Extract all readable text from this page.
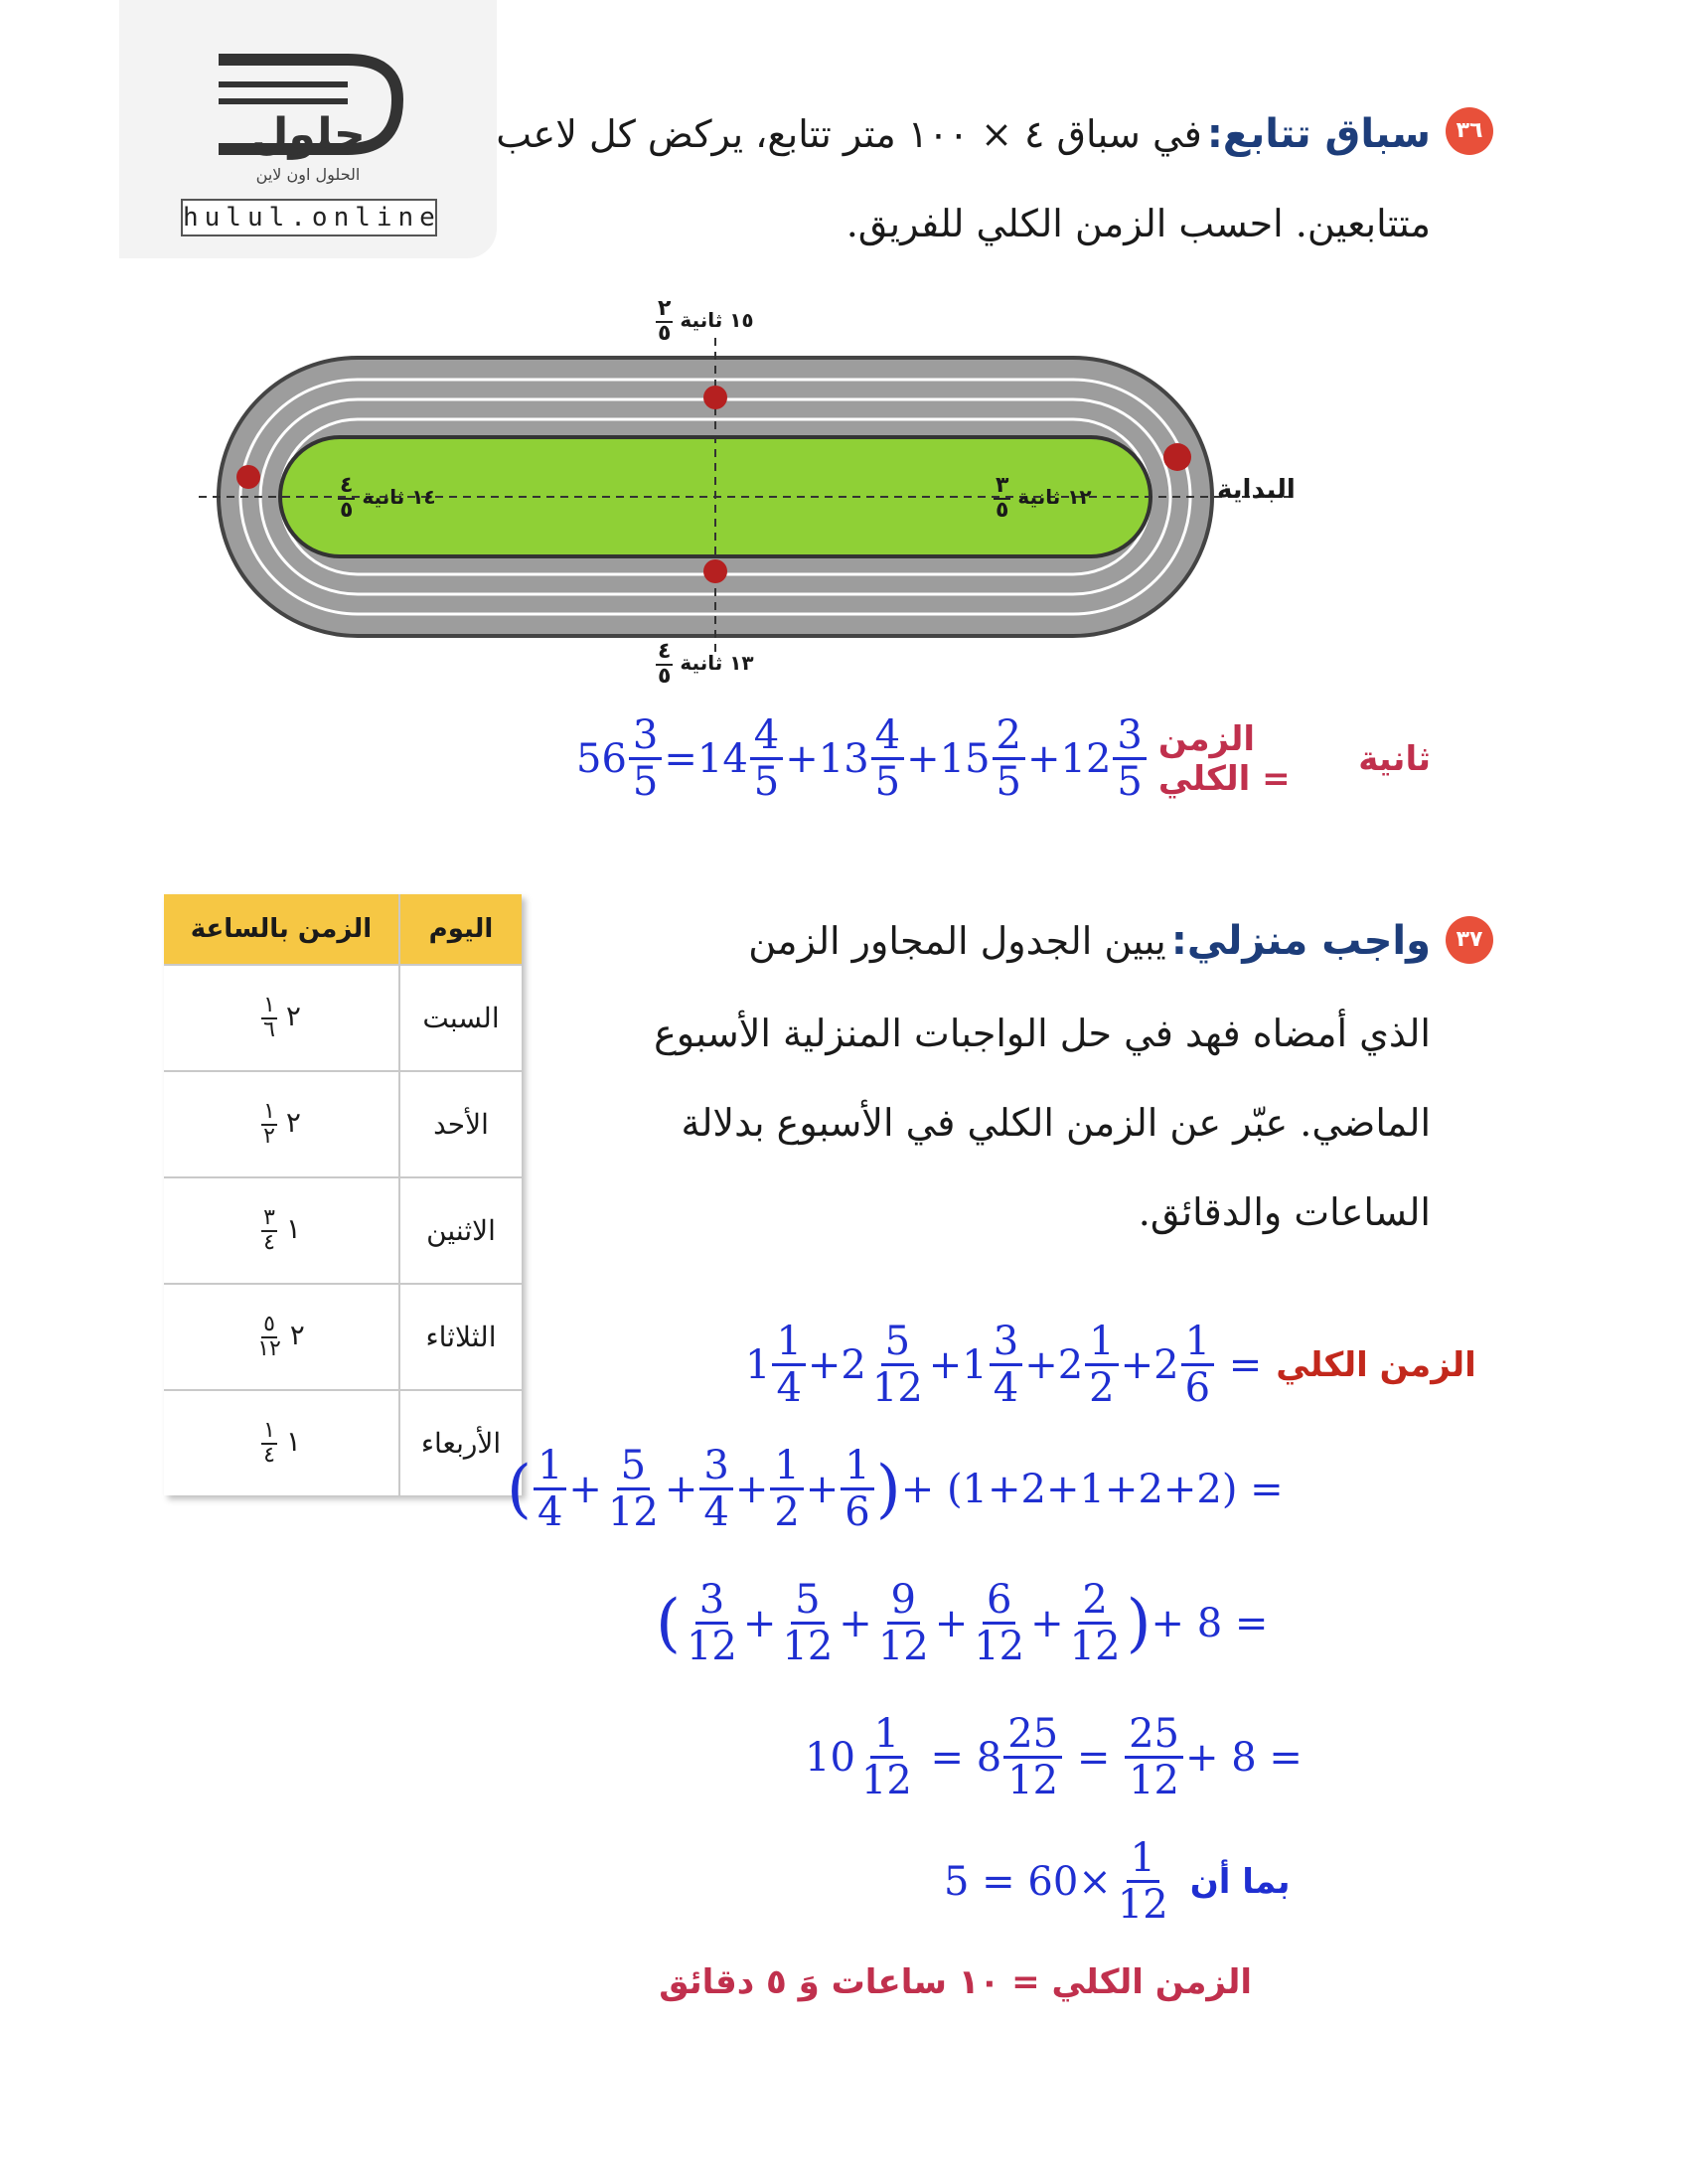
حلول
الحلول اون لاين
hulul.online
٣٦
سباق تتابع: في سباق ٤ × ١٠٠ متر تتابع، يركض كل لاعب
متتابعين. احسب الزمن الكلي للفريق.
٢
٥
١٥ ثانية
٤
٥
١٤ ثانية	٣
٥
١٢ ثانية
٤
٥
١٣ ثانية
البداية
الزمن الكلي =
$56 \frac{3}{5} = 14 \frac{4}{5} + 13 \frac{4}{5} + 15 \frac{2}{5} + 12 \frac{3}{5}$	ثانية
اليوم	الزمن بالساعة
السبت	٢
١
٦

الأحد	٢
١
٢

الاثنين	١
٣
٤

الثلاثاء	٢
٥
١٢

الأربعاء	١
١
٤
٣٧
واجب منزلي: يبين الجدول المجاور الزمن
الذي أمضاه فهد في حل الواجبات المنزلية الأسبوع
الماضي. عبّر عن الزمن الكلي في الأسبوع بدلالة
الساعات والدقائق.
$1 \frac{1}{4} + 2 \frac{5}{12} + 1 \frac{3}{4} + 2 \frac{1}{2} + 2 \frac{1}{6}$ = الزمن الكلي
( $\frac{1}{4} + \frac{5}{12} + \frac{3}{4} + \frac{1}{2} + \frac{1}{6}$ ) + (1+2+1+2+2) =
( $\frac{3}{12} + \frac{5}{12} + \frac{9}{12} + \frac{6}{12} + \frac{2}{12}$ ) + 8 =
$10 \frac{1}{12} = 8 \frac{25}{12} = \frac{25}{12} + 8$ =
$5 = 60\times \frac{1}{12}$ بما أن
الزمن الكلي = ١٠ ساعات وَ ٥ دقائق
